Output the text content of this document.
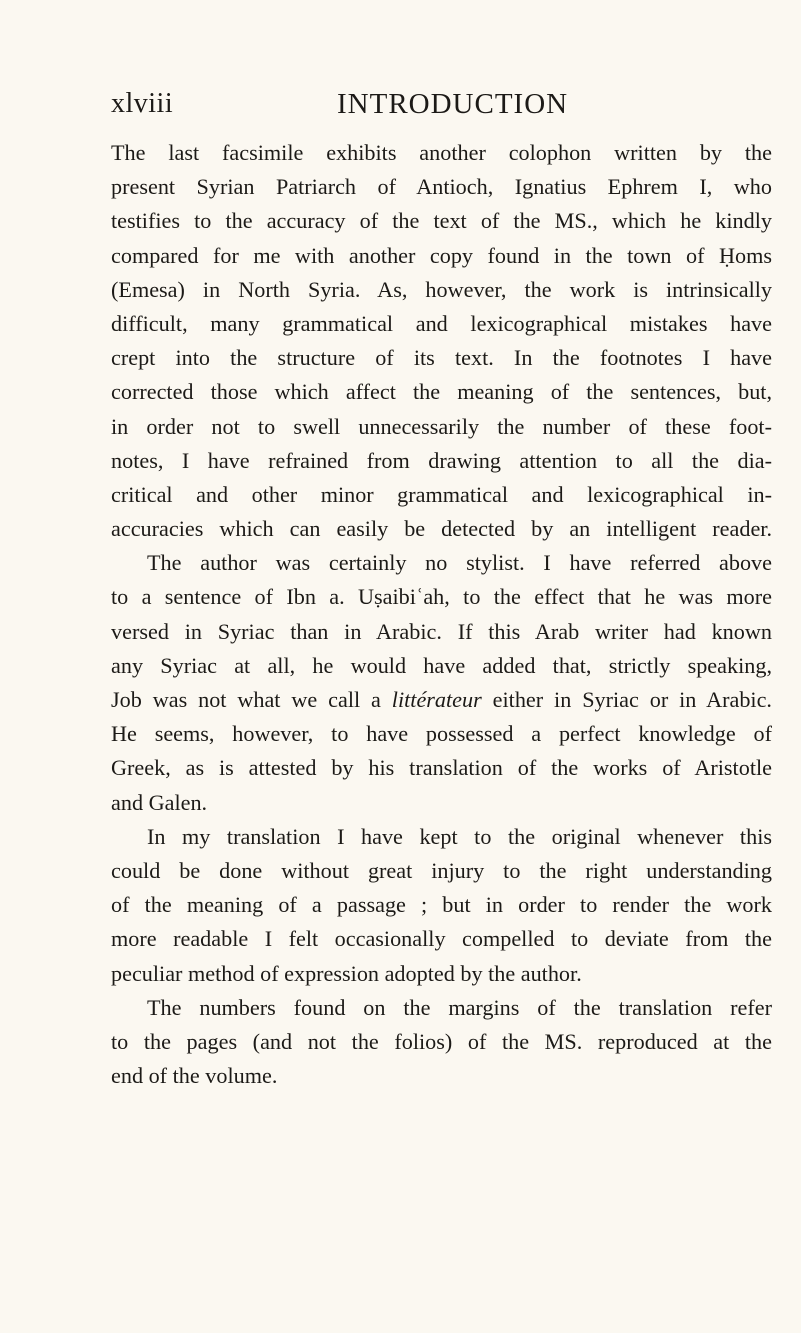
xlviii	INTRODUCTION
The last facsimile exhibits another colophon written by the
present Syrian Patriarch of Antioch, Ignatius Ephrem I, who
testifies to the accuracy of the text of the MS., which he kindly
compared for me with another copy found in the town of Ḥoms
(Emesa) in North Syria. As, however, the work is intrinsically
difficult, many grammatical and lexicographical mistakes have
crept into the structure of its text. In the footnotes I have
corrected those which affect the meaning of the sentences, but,
in order not to swell unnecessarily the number of these foot-
notes, I have refrained from drawing attention to all the dia-
critical and other minor grammatical and lexicographical in-
accuracies which can easily be detected by an intelligent reader.
The author was certainly no stylist. I have referred above
to a sentence of Ibn a. Uṣaibiʿah, to the effect that he was more
versed in Syriac than in Arabic. If this Arab writer had known
any Syriac at all, he would have added that, strictly speaking,
Job was not what we call a littérateur either in Syriac or in Arabic.
He seems, however, to have possessed a perfect knowledge of
Greek, as is attested by his translation of the works of Aristotle
and Galen.
In my translation I have kept to the original whenever this
could be done without great injury to the right understanding
of the meaning of a passage ; but in order to render the work
more readable I felt occasionally compelled to deviate from the
peculiar method of expression adopted by the author.
The numbers found on the margins of the translation refer
to the pages (and not the folios) of the MS. reproduced at the
end of the volume.
